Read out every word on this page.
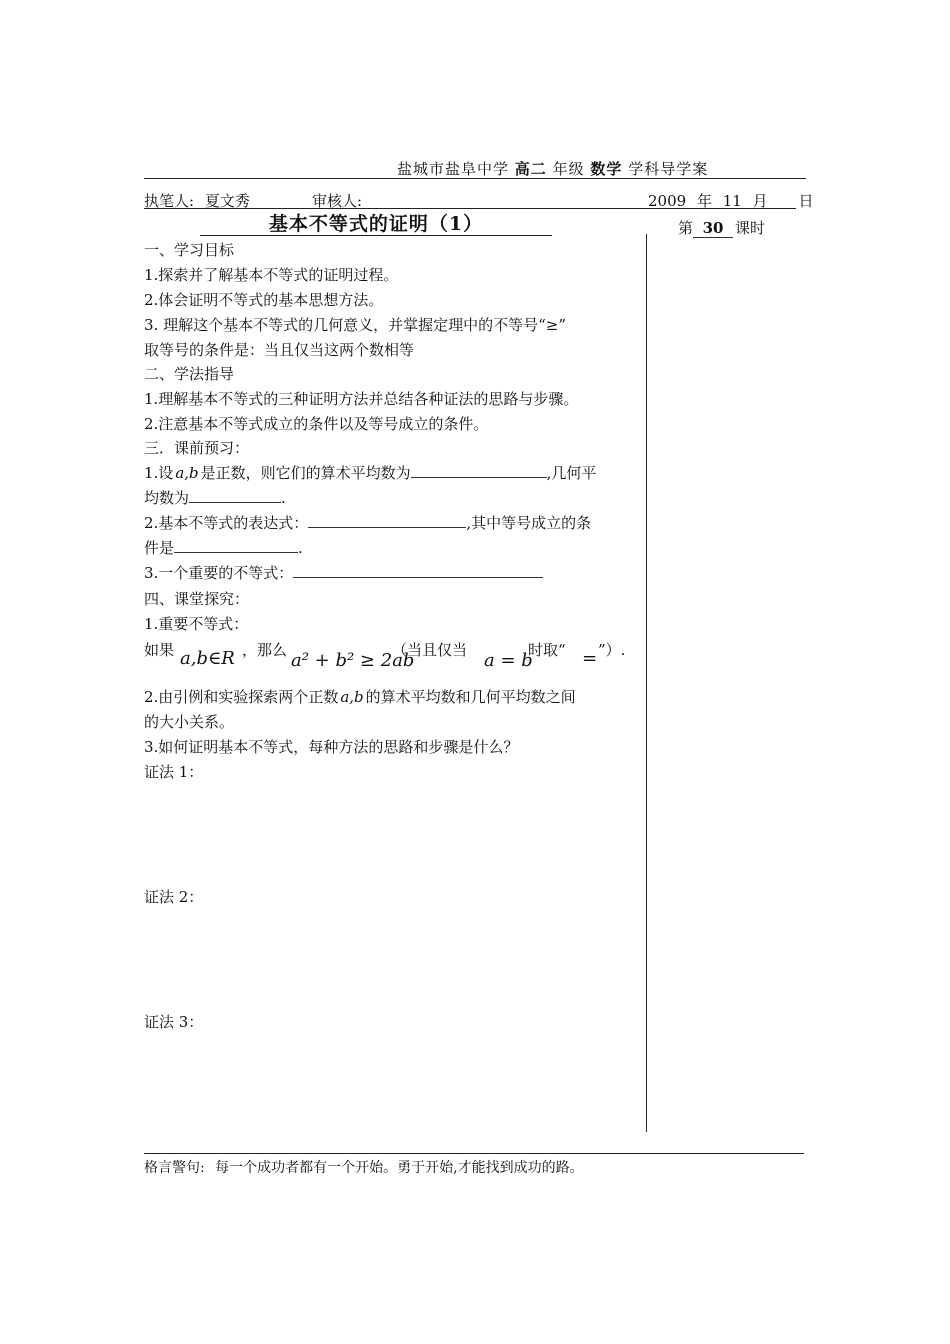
盐城市盐阜中学 高二 年级 数学 学科导学案
执笔人: 夏文秀	审核人:	2009 年 11 月 日
基本不等式的证明（1）	第 30 课时
一、学习目标
1.探索并了解基本不等式的证明过程。
2.体会证明不等式的基本思想方法。
3. 理解这个基本不等式的几何意义，并掌握定理中的不等号“≥”
取等号的条件是：当且仅当这两个数相等
二、学法指导
1.理解基本不等式的三种证明方法并总结各种证法的思路与步骤。
2.注意基本不等式成立的条件以及等号成立的条件。
三．课前预习：
1.设 a,b 是正数，则它们的算术平均数为	,几何平
均数为	.
2.基本不等式的表达式：	,其中等号成立的条
件是	.
3.一个重要的不等式：
四、课堂探究：
1.重要不等式：
如果 a,b∈R ，那么 a² + b² ≥ 2ab
（当且仅当 a = b
时取“ = ”）.
2.由引例和实验探索两个正数 a,b 的算术平均数和几何平均数之间
的大小关系。
3.如何证明基本不等式，每种方法的思路和步骤是什么？
证法 1：
证法 2：
证法 3：
格言警句: 每一个成功者都有一个开始。勇于开始,才能找到成功的路。
